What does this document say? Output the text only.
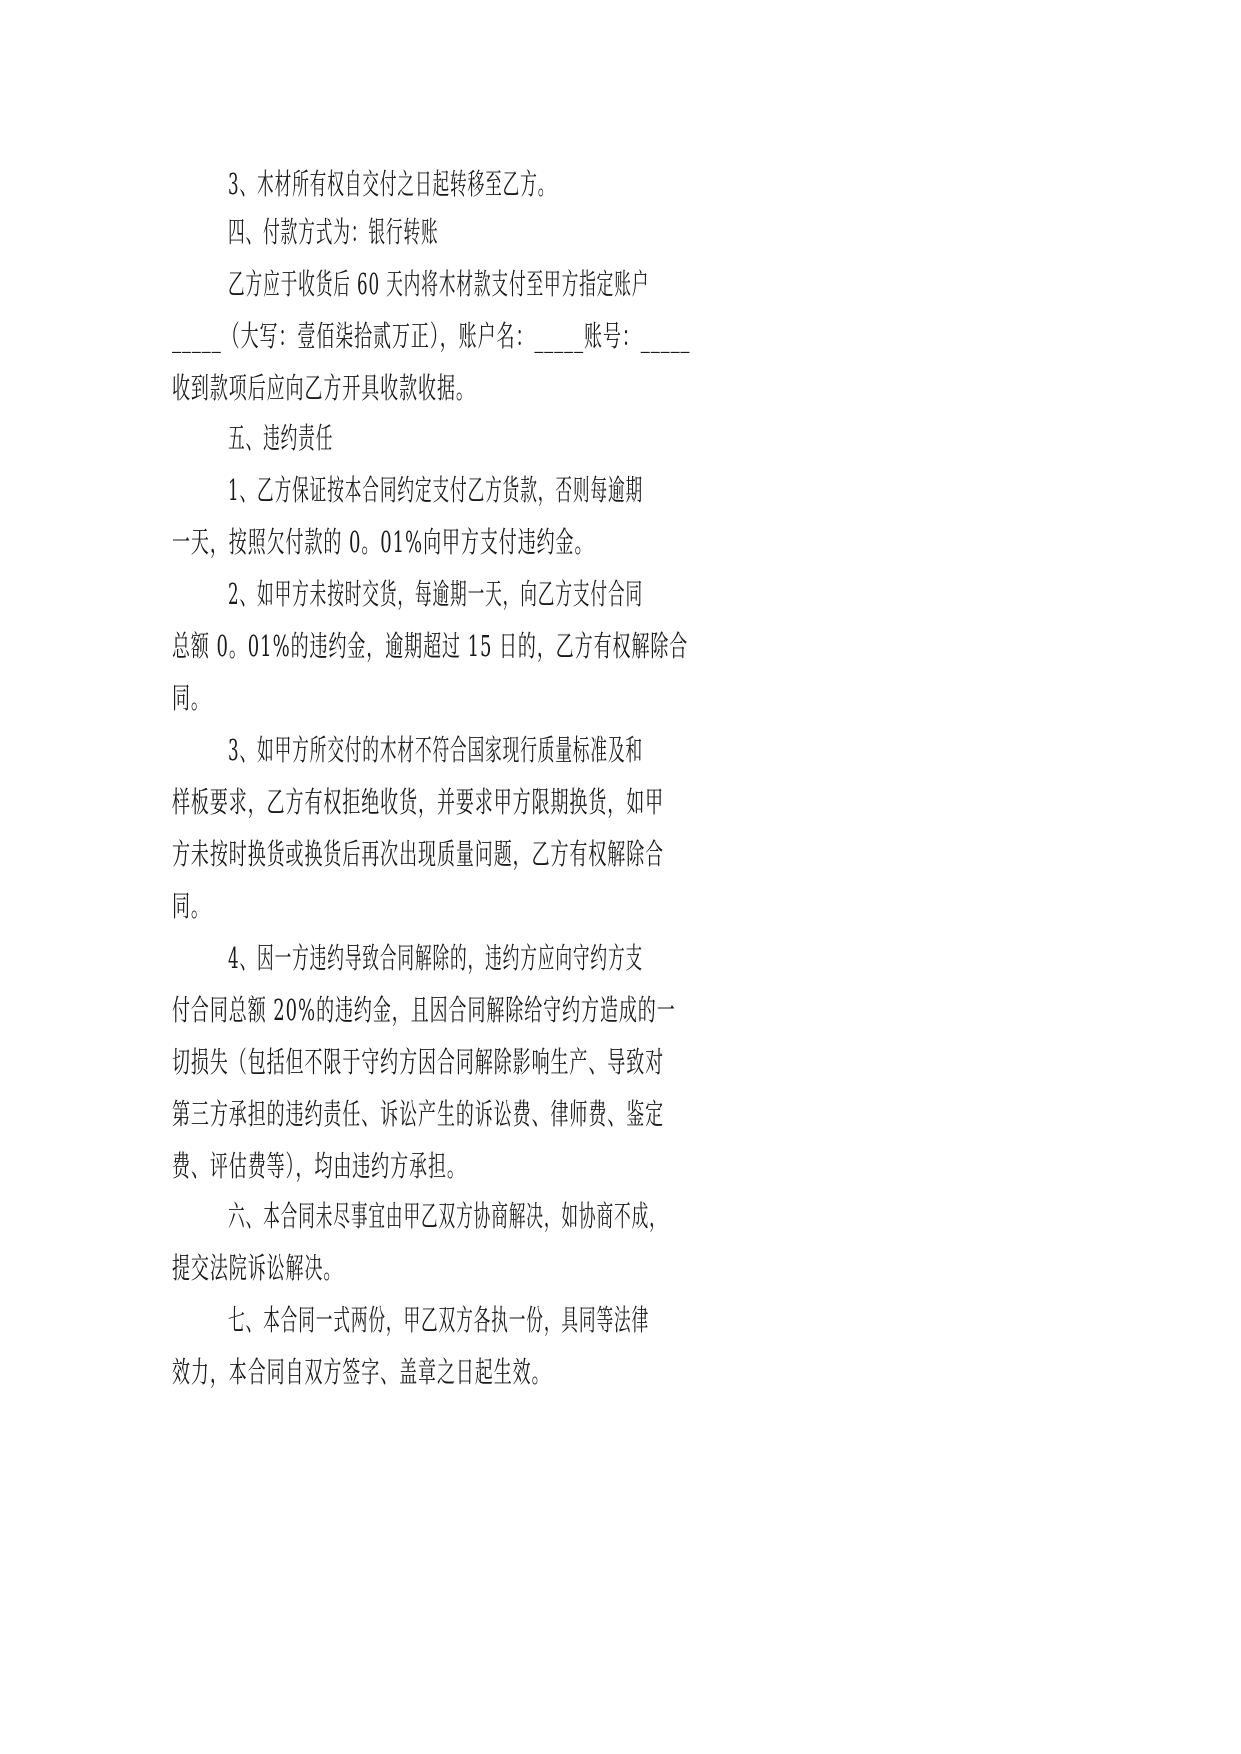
3、木材所有权自交付之日起转移至乙方。
四、付款方式为：银行转账
乙方应于收货后 60 天内将木材款支付至甲方指定账户
_____（大写：壹佰柒拾贰万正），账户名：_____账号：_____
收到款项后应向乙方开具收款收据。
五、违约责任
1、乙方保证按本合同约定支付乙方货款，否则每逾期
一天，按照欠付款的 0。01%向甲方支付违约金。
2、如甲方未按时交货，每逾期一天，向乙方支付合同
总额 0。01%的违约金，逾期超过 15 日的，乙方有权解除合
同。
3、如甲方所交付的木材不符合国家现行质量标准及和
样板要求，乙方有权拒绝收货，并要求甲方限期换货，如甲
方未按时换货或换货后再次出现质量问题，乙方有权解除合
同。
4、因一方违约导致合同解除的，违约方应向守约方支
付合同总额 20%的违约金，且因合同解除给守约方造成的一
切损失（包括但不限于守约方因合同解除影响生产、导致对
第三方承担的违约责任、诉讼产生的诉讼费、律师费、鉴定
费、评估费等），均由违约方承担。
六、本合同未尽事宜由甲乙双方协商解决，如协商不成，
提交法院诉讼解决。
七、本合同一式两份，甲乙双方各执一份，具同等法律
效力，本合同自双方签字、盖章之日起生效。
